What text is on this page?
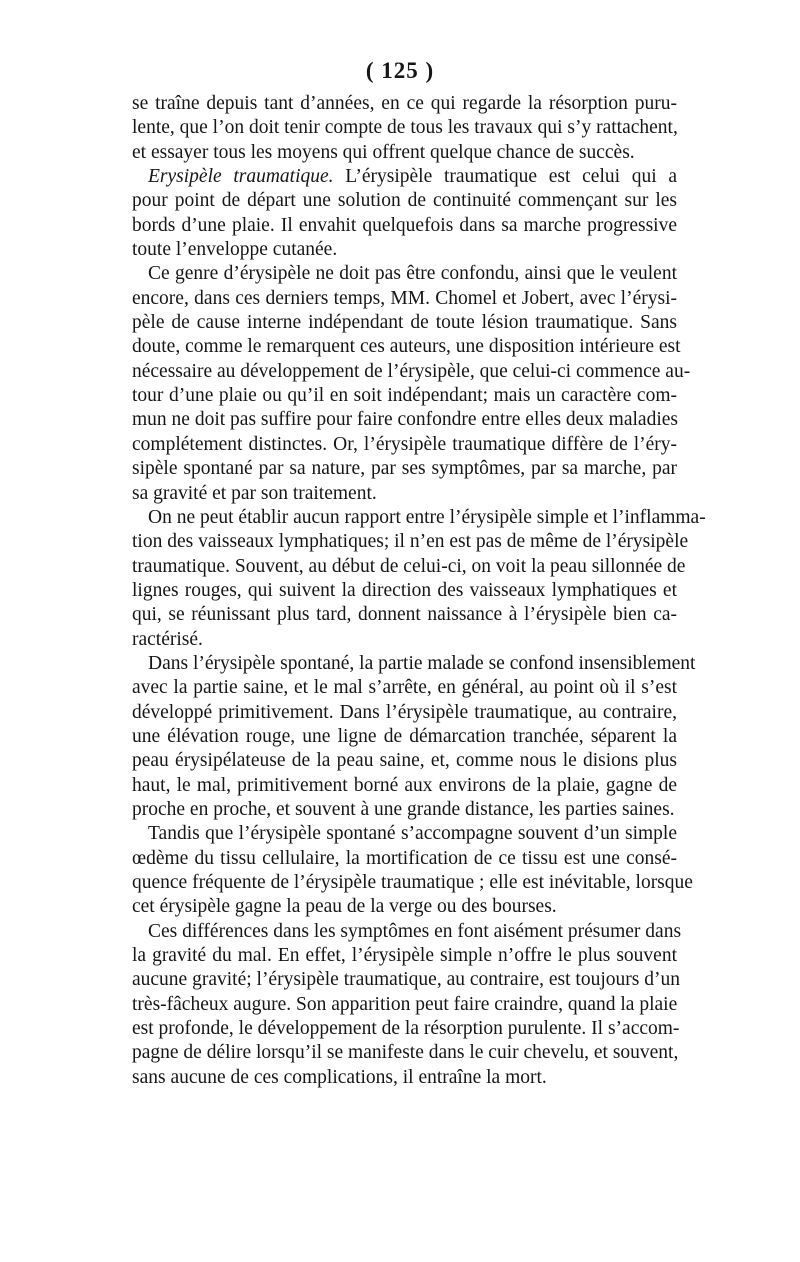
( 125 )

se traîne depuis tant d’années, en ce qui regarde la résorption puru-
lente, que l’on doit tenir compte de tous les travaux qui s’y rattachent,
et essayer tous les moyens qui offrent quelque chance de succès.

Erysipèle traumatique. L’érysipèle traumatique est celui qui a
pour point de départ une solution de continuité commençant sur les
bords d’une plaie. Il envahit quelquefois dans sa marche progressive
toute l’enveloppe cutanée.

Ce genre d’érysipèle ne doit pas être confondu, ainsi que le veulent
encore, dans ces derniers temps, MM. Chomel et Jobert, avec l’érysi-
pèle de cause interne indépendant de toute lésion traumatique. Sans
doute, comme le remarquent ces auteurs, une disposition intérieure est
nécessaire au développement de l’érysipèle, que celui-ci commence au-
tour d’une plaie ou qu’il en soit indépendant; mais un caractère com-
mun ne doit pas suffire pour faire confondre entre elles deux maladies
complétement distinctes. Or, l’érysipèle traumatique diffère de l’éry-
sipèle spontané par sa nature, par ses symptômes, par sa marche, par
sa gravité et par son traitement.

On ne peut établir aucun rapport entre l’érysipèle simple et l’inflamma-
tion des vaisseaux lymphatiques; il n’en est pas de même de l’érysipèle
traumatique. Souvent, au début de celui-ci, on voit la peau sillonnée de
lignes rouges, qui suivent la direction des vaisseaux lymphatiques et
qui, se réunissant plus tard, donnent naissance à l’érysipèle bien ca-
ractérisé.

Dans l’érysipèle spontané, la partie malade se confond insensiblement
avec la partie saine, et le mal s’arrête, en général, au point où il s’est
développé primitivement. Dans l’érysipèle traumatique, au contraire,
une élévation rouge, une ligne de démarcation tranchée, séparent la
peau érysipélateuse de la peau saine, et, comme nous le disions plus
haut, le mal, primitivement borné aux environs de la plaie, gagne de
proche en proche, et souvent à une grande distance, les parties saines.

Tandis que l’érysipèle spontané s’accompagne souvent d’un simple
œdème du tissu cellulaire, la mortification de ce tissu est une consé-
quence fréquente de l’érysipèle traumatique ; elle est inévitable, lorsque
cet érysipèle gagne la peau de la verge ou des bourses.

Ces différences dans les symptômes en font aisément présumer dans
la gravité du mal. En effet, l’érysipèle simple n’offre le plus souvent
aucune gravité; l’érysipèle traumatique, au contraire, est toujours d’un
très-fâcheux augure. Son apparition peut faire craindre, quand la plaie
est profonde, le développement de la résorption purulente. Il s’accom-
pagne de délire lorsqu’il se manifeste dans le cuir chevelu, et souvent,
sans aucune de ces complications, il entraîne la mort.
